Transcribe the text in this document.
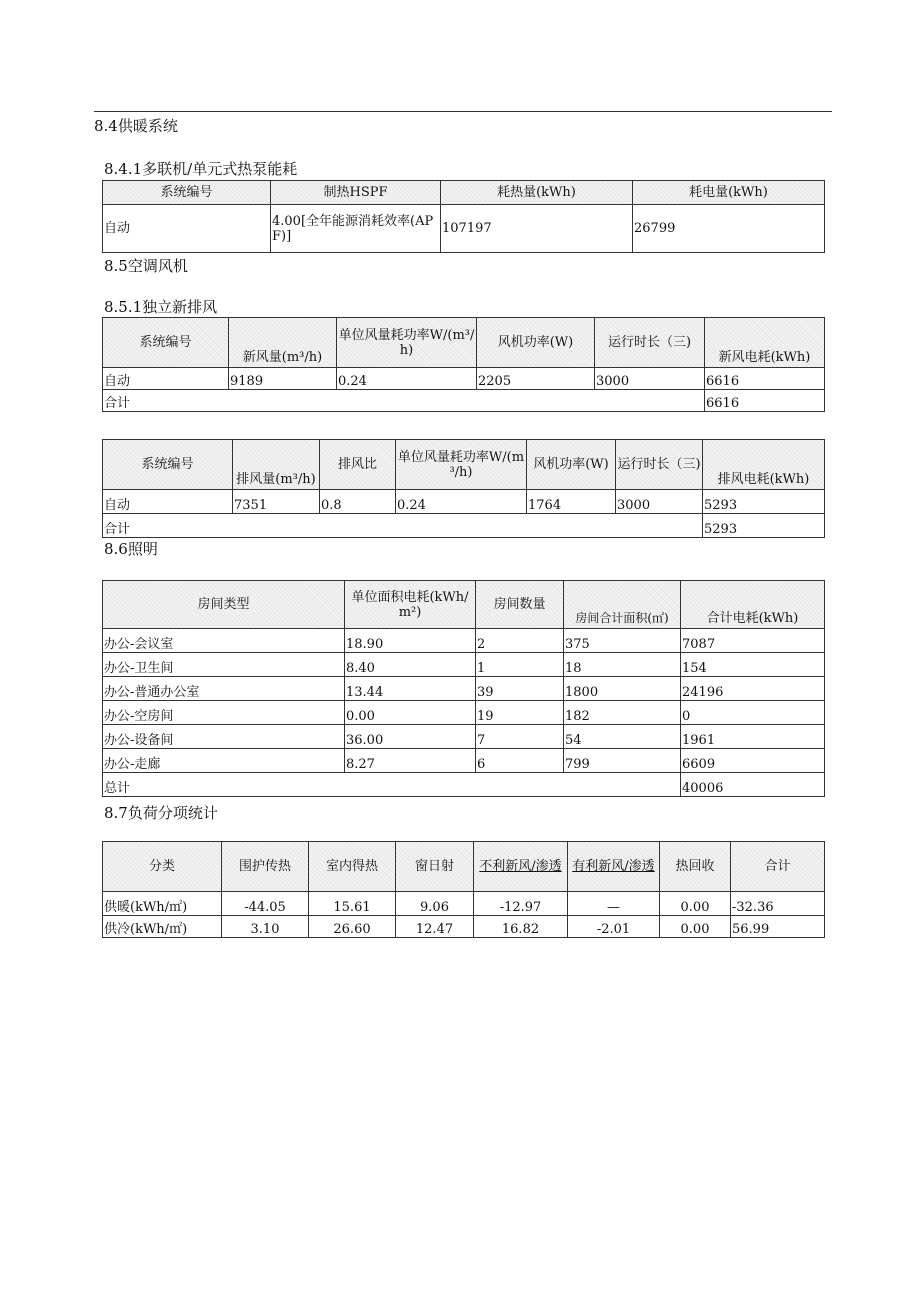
8.4供暖系统
8.4.1多联机/单元式热泵能耗
系统编号	制热HSPF	耗热量(kWh)	耗电量(kWh)
自动	4.00[全年能源消耗效率(APF)]	107197	26799
8.5空调风机
8.5.1独立新排风
系统编号	新风量(m³/h)	单位风量耗功率W/(m³/h)	风机功率(W)	运行时长（三)	新风电耗(kWh)
自动	9189	0.24	2205	3000	6616
合计					6616
系统编号	排风量(m³/h)	排风比	单位风量耗功率W/(m³/h)	风机功率(W)	运行时长（三)	排风电耗(kWh)
自动	7351	0.8	0.24	1764	3000	5293
合计						5293
8.6照明
房间类型	单位面积电耗(kWh/m²)	房间数量	房间合计面积(㎡)	合计电耗(kWh)
办公-会议室	18.90	2	375	7087
办公-卫生间	8.40	1	18	154
办公-普通办公室	13.44	39	1800	24196
办公-空房间	0.00	19	182	0
办公-设备间	36.00	7	54	1961
办公-走廊	8.27	6	799	6609
总计				40006
8.7负荷分项统计
分类	围护传热	室内得热	窗日射	不利新风/渗透	有利新风/渗透	热回收	合计
供暖(kWh/㎡)	-44.05	15.61	9.06	-12.97	—	0.00	-32.36
供冷(kWh/㎡)	3.10	26.60	12.47	16.82	-2.01	0.00	56.99
